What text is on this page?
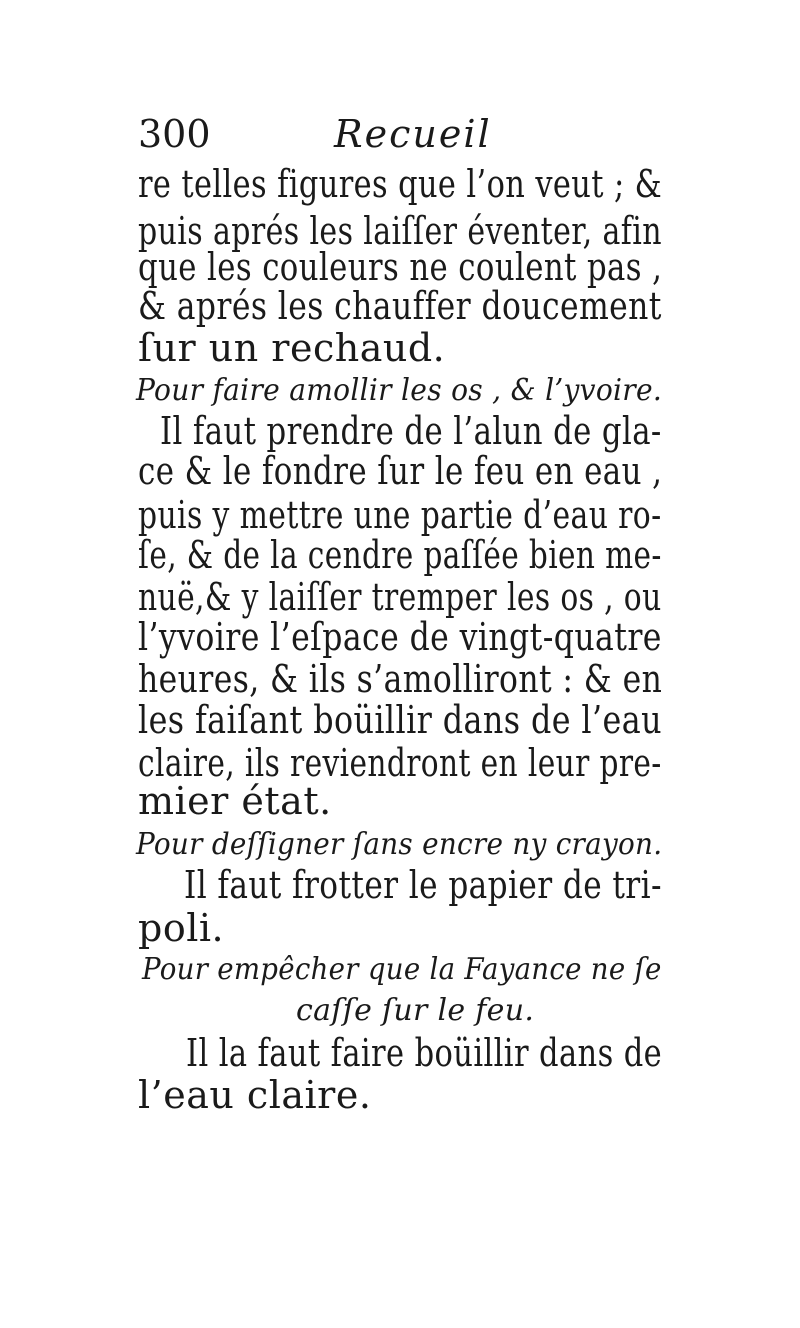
300	Recueil
re telles figures que l’on veut ; &
puis aprés les laiſſer éventer, afin
que les couleurs ne coulent pas ,
& aprés les chauffer doucement
ſur un rechaud.
Pour faire amollir les os , & l’yvoire.
Il faut prendre de l’alun de gla-
ce & le fondre ſur le feu en eau ,
puis y mettre une partie d’eau ro-
ſe, & de la cendre paſſée bien me-
nuë,& y laiſſer tremper les os , ou
l’yvoire l’eſpace de vingt-quatre
heures, & ils s’amolliront : & en
les faiſant boüillir dans de l’eau
claire, ils reviendront en leur pre-
mier état.
Pour deſſigner ſans encre ny crayon.
Il faut frotter le papier de tri-
poli.
Pour empêcher que la Fayance ne ſe
caſſe ſur le feu.
Il la faut faire boüillir dans de
l’eau claire.
